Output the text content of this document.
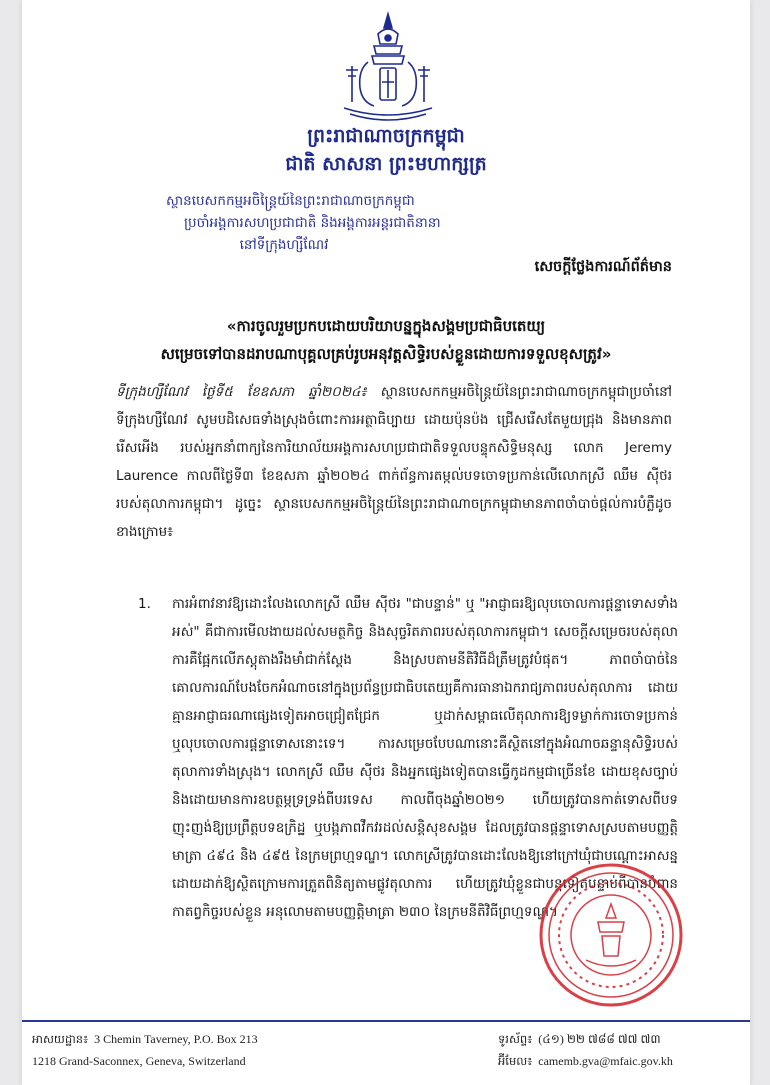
ព្រះរាជាណាចក្រកម្ពុជា
ជាតិ សាសនា ព្រះមហាក្សត្រ
ស្ថានបេសកកម្មអចិន្ត្រៃយ៍នៃព្រះរាជាណាចក្រកម្ពុជា
ប្រចាំអង្គការសហប្រជាជាតិ និងអង្គការអន្តរជាតិនានា
នៅទីក្រុងហ្សឺណែវ
សេចក្ដីថ្លែងការណ៍ព័ត៌មាន
«ការចូលរួមប្រកបដោយបរិយាបន្នក្នុងសង្គមប្រជាធិបតេយ្យ
សម្រេចទៅបានដរាបណាបុគ្គលគ្រប់រូបអនុវត្តសិទ្ធិរបស់ខ្លួនដោយការទទួលខុសត្រូវ»
ទីក្រុងហ្សឺណែវ ថ្ងៃទី៥ ខែឧសភា ឆ្នាំ២០២៤៖ ស្ថានបេសកកម្មអចិន្ត្រៃយ៍នៃព្រះរាជាណាចក្រកម្ពុជាប្រចាំនៅទីក្រុងហ្សឺណែវ សូមបដិសេធទាំងស្រុងចំពោះការអត្ថាធិប្បាយ ដោយប៉ុនប៉ង ជ្រើសរើសតែមួយជ្រុង និងមានភាពរើសអើង របស់អ្នកនាំពាក្យនៃការិយាល័យអង្គការសហប្រជាជាតិទទួលបន្ទុកសិទ្ធិមនុស្ស លោក Jeremy Laurence កាលពីថ្ងៃទី៣ ខែឧសភា ឆ្នាំ២០២៤ ពាក់ព័ន្ធការតម្កល់បទចោទប្រកាន់លើលោកស្រី ឈឹម ស៊ីថរ របស់តុលាការកម្ពុជា។ ដូច្នេះ ស្ថានបេសកកម្មអចិន្ត្រៃយ៍នៃព្រះរាជាណាចក្រកម្ពុជាមានភាពចាំបាច់ផ្ដល់ការបំភ្លឺដូចខាងក្រោម៖
1. ការអំពាវនាវឱ្យដោះលែងលោកស្រី ឈឹម ស៊ីថរ "ជាបន្ទាន់" ឬ "អាជ្ញាធរឱ្យលុបចោលការផ្ដន្ទាទោសទាំងអស់" គឺជាការមើលងាយដល់សមត្ថកិច្ច និងសុច្ចរិតភាពរបស់តុលាការកម្ពុជា។ សេចក្ដីសម្រេចរបស់តុលាការគឺផ្អែកលើភស្តុតាងរឹងមាំជាក់ស្ដែង និងស្របតាមនីតិវិធីដ៏ត្រឹមត្រូវបំផុត។ ភាពចាំបាច់នៃគោលការណ៍បែងចែកអំណាចនៅក្នុងប្រព័ន្ធប្រជាធិបតេយ្យគឺការធានាឯករាជ្យភាពរបស់តុលាការ ដោយគ្មានអាជ្ញាធរណាផ្សេងទៀតអាចជ្រៀតជ្រែក ឬដាក់សម្ពាធលើតុលាការឱ្យទម្លាក់ការចោទប្រកាន់ ឬលុបចោលការផ្ដន្ទាទោសនោះទេ។ ការសម្រេចបែបណានោះគឺស្ថិតនៅក្នុងអំណាចឆន្ទានុសិទ្ធិរបស់តុលាការទាំងស្រុង។ លោកស្រី ឈឹម ស៊ីថរ និងអ្នកផ្សេងទៀតបានធ្វើកូដកម្មជាច្រើនខែ ដោយខុសច្បាប់ និងដោយមានការឧបត្ថម្ភទ្រទ្រង់ពីបរទេស កាលពីចុងឆ្នាំ២០២១ ហើយត្រូវបានកាត់ទោសពីបទញុះញង់ឱ្យប្រព្រឹត្តបទឧក្រិដ្ឋ ឬបង្កភាពវឹកវរដល់សន្តិសុខសង្គម ដែលត្រូវបានផ្ដន្ទាទោសស្របតាមបញ្ញត្តិមាត្រា ៤៩៤ និង ៤៩៥ នៃក្រមព្រហ្មទណ្ឌ។ លោកស្រីត្រូវបានដោះលែងឱ្យនៅក្រៅឃុំជាបណ្ដោះអាសន្នដោយដាក់ឱ្យស្ថិតក្រោមការត្រួតពិនិត្យតាមផ្លូវតុលាការ ហើយត្រូវឃុំខ្លួនជាបន្តទៀតបន្ទាប់ពីបានបំពានកាតព្វកិច្ចរបស់ខ្លួន អនុលោមតាមបញ្ញត្តិមាត្រា ២៣០ នៃក្រមនីតិវិធីព្រហ្មទណ្ឌ។
អាសយដ្ឋាន៖ 3 Chemin Taverney, P.O. Box 213
1218 Grand-Saconnex, Geneva, Switzerland
ទូរស័ព្ទ៖ (៤១) ២២ ៧៨៨ ៧៧ ៧៣
អ៊ីមែល៖ camemb.gva@mfaic.gov.kh
